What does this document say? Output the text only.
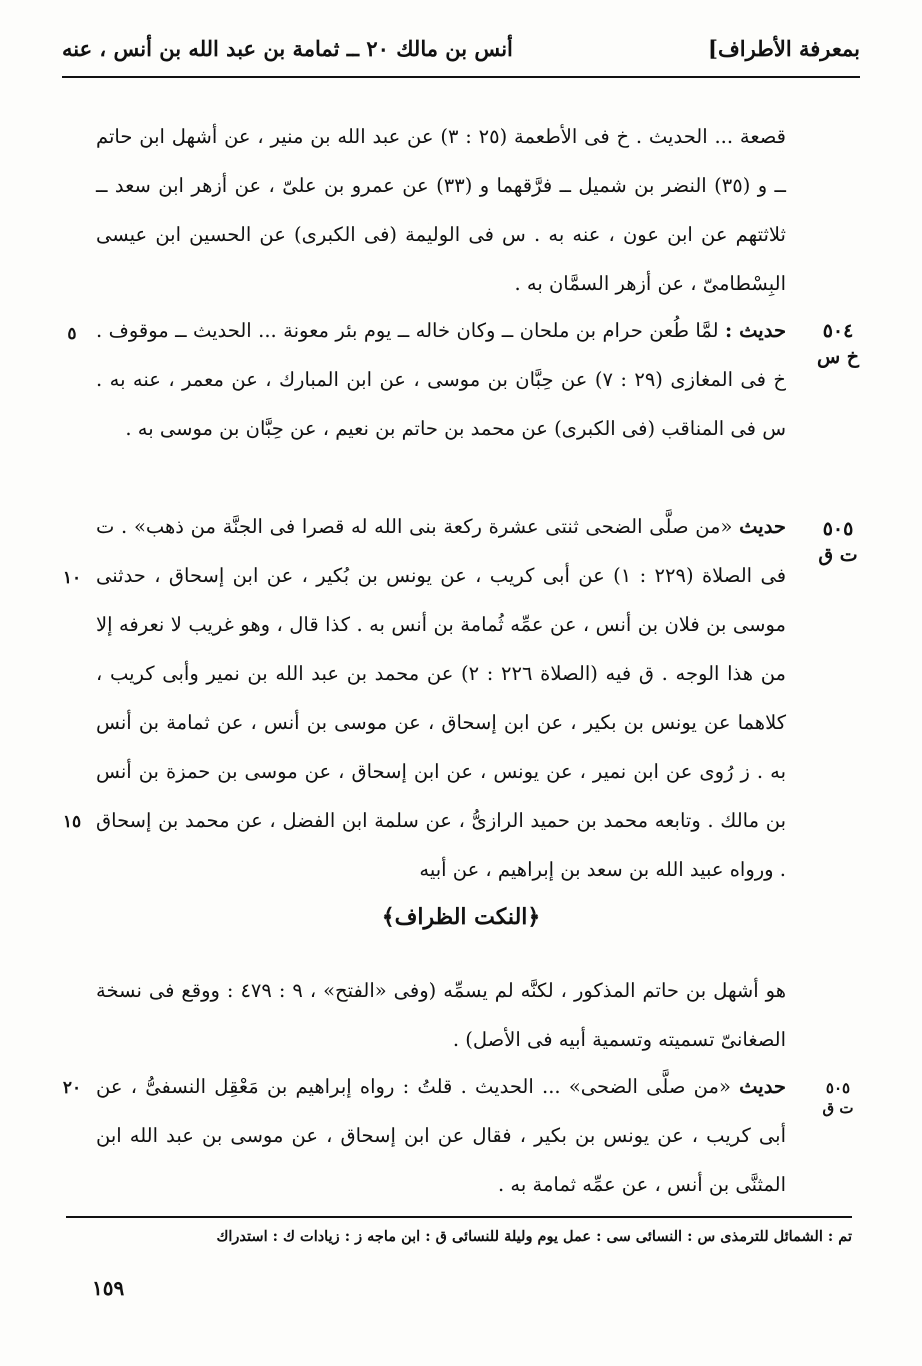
بمعرفة الأطراف]
أنس بن مالك ٢٠ ــ ثمامة بن عبد الله بن أنس ، عنه
قصعة ... الحديث . خ فى الأطعمة (٢٥ : ٣) عن عبد الله بن منير ، عن أشهل ابن حاتم ــ و (٣٥) النضر بن شميل ــ فرَّقهما و (٣٣) عن عمرو بن علىّ ، عن أزهر ابن سعد ــ ثلاثتهم عن ابن عون ، عنه به . س فى الوليمة (فى الكبرى) عن الحسين ابن عيسى البِسْطامىّ ، عن أزهر السمَّان به .
٥٠٤
خ س
حديث : لمَّا طُعن حرام بن ملحان ــ وكان خاله ــ يوم بئر معونة ... الحديث ــ موقوف . خ فى المغازى (٢٩ : ٧) عن حِبَّان بن موسى ، عن ابن المبارك ، عن معمر ، عنه به . س فى المناقب (فى الكبرى) عن محمد بن حاتم بن نعيم ، عن حِبَّان بن موسى به .
٥٠٥
ت ق
حديث «من صلَّى الضحى ثنتى عشرة ركعة بنى الله له قصرا فى الجنَّة من ذهب» . ت فى الصلاة (٢٢٩ : ١) عن أبى كريب ، عن يونس بن بُكير ، عن ابن إسحاق ، حدثنى موسى بن فلان بن أنس ، عن عمِّه ثُمامة بن أنس به . كذا قال ، وهو غريب لا نعرفه إلا من هذا الوجه . ق فيه (الصلاة ٢٢٦ : ٢) عن محمد بن عبد الله بن نمير وأبى كريب ، كلاهما عن يونس بن بكير ، عن ابن إسحاق ، عن موسى بن أنس ، عن ثمامة بن أنس به . ز رُوى عن ابن نمير ، عن يونس ، عن ابن إسحاق ، عن موسى بن حمزة بن أنس بن مالك . وتابعه محمد بن حميد الرازىُّ ، عن سلمة ابن الفضل ، عن محمد بن إسحاق . ورواه عبيد الله بن سعد بن إبراهيم ، عن أبيه
﴿النكت الظراف﴾
هو أشهل بن حاتم المذكور ، لكنَّه لم يسمِّه (وفى «الفتح» ، ٩ : ٤٧٩ : ووقع فى نسخة الصغانىّ تسميته وتسمية أبيه فى الأصل) .
٥٠٥
ت ق
حديث «من صلَّى الضحى» ... الحديث . قلتُ : رواه إبراهيم بن مَعْقِل النسفىُّ ، عن أبى كريب ، عن يونس بن بكير ، فقال عن ابن إسحاق ، عن موسى بن عبد الله ابن المثنَّى بن أنس ، عن عمِّه ثمامة به .
٥
١٠
١٥
٢٠
تم : الشمائل للترمذى س : النسائى سى : عمل يوم وليلة للنسائى ق : ابن ماجه ز : زيادات ك : استدراك
١٥٩
